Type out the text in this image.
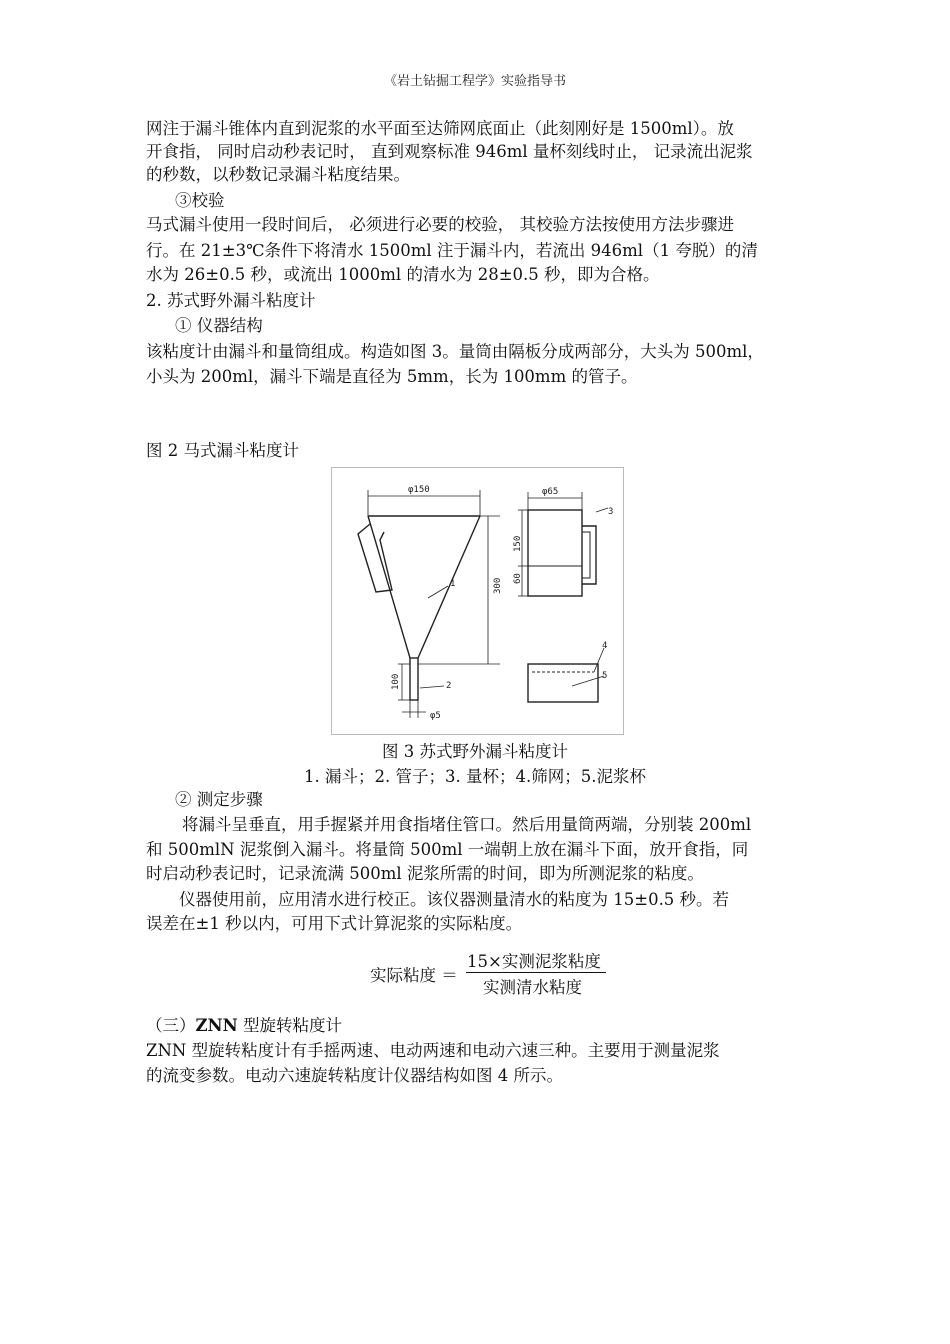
《岩土钻掘工程学》实验指导书
网注于漏斗锥体内直到泥浆的水平面至达筛网底面止（此刻刚好是 1500ml）。放
开食指， 同时启动秒表记时， 直到观察标准 946ml 量杯刻线时止， 记录流出泥浆
的秒数，以秒数记录漏斗粘度结果。
③校验
马式漏斗使用一段时间后， 必须进行必要的校验， 其校验方法按使用方法步骤进
行。在 21±3℃条件下将清水 1500ml 注于漏斗内，若流出 946ml（1 夸脱）的清
水为 26±0.5 秒，或流出 1000ml 的清水为 28±0.5 秒，即为合格。
2. 苏式野外漏斗粘度计
① 仪器结构
该粘度计由漏斗和量筒组成。构造如图 3。量筒由隔板分成两部分，大头为 500ml，
小头为 200ml，漏斗下端是直径为 5mm，长为 100mm 的管子。
图 2 马式漏斗粘度计
φ150	φ65
300
150
60
100
φ5
1
2
3
4
5
图 3 苏式野外漏斗粘度计
1. 漏斗；2. 管子；3. 量杯；4.筛网；5.泥浆杯
② 测定步骤
将漏斗呈垂直，用手握紧并用食指堵住管口。然后用量筒两端，分别装 200ml
和 500mlN 泥浆倒入漏斗。将量筒 500ml 一端朝上放在漏斗下面，放开食指，同
时启动秒表记时，记录流满 500ml 泥浆所需的时间，即为所测泥浆的粘度。
仪器使用前，应用清水进行校正。该仪器测量清水的粘度为 15±0.5 秒。若
误差在±1 秒以内，可用下式计算泥浆的实际粘度。
实际粘度 ＝
15×实测泥浆粘度
实测清水粘度
（三）ZNN 型旋转粘度计
ZNN 型旋转粘度计有手摇两速、电动两速和电动六速三种。主要用于测量泥浆
的流变参数。电动六速旋转粘度计仪器结构如图 4 所示。
